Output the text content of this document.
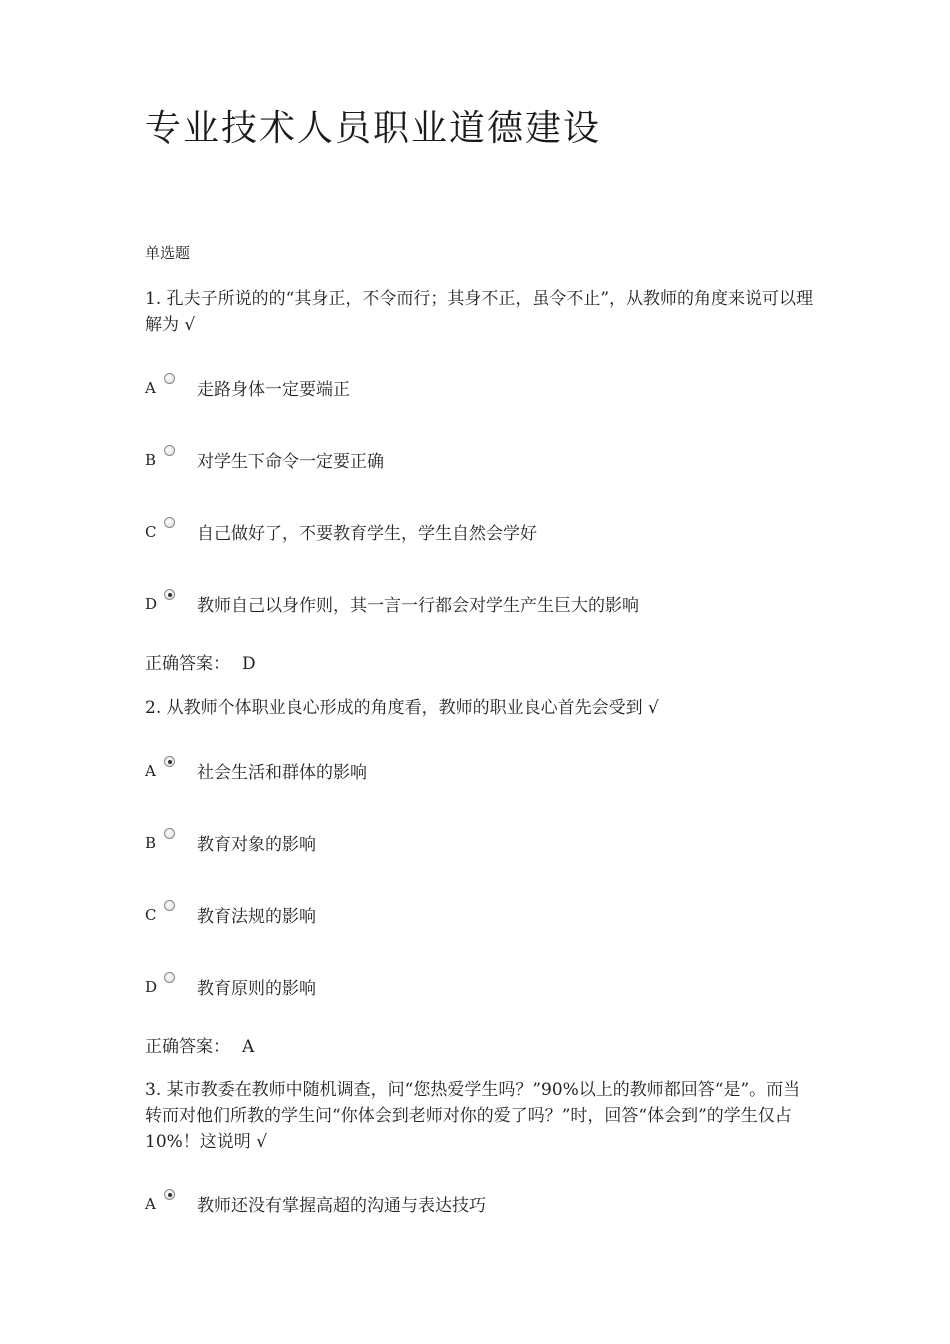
专业技术人员职业道德建设
单选题
1. 孔夫子所说的的“其身正，不令而行；其身不正，虽令不止”，从教师的角度来说可以理解为 √
A 走路身体一定要端正
B 对学生下命令一定要正确
C 自己做好了，不要教育学生，学生自然会学好
D 教师自己以身作则，其一言一行都会对学生产生巨大的影响
正确答案： D
2. 从教师个体职业良心形成的角度看，教师的职业良心首先会受到 √
A 社会生活和群体的影响
B 教育对象的影响
C 教育法规的影响
D 教育原则的影响
正确答案： A
3. 某市教委在教师中随机调查，问“您热爱学生吗？”90%以上的教师都回答“是”。而当转而对他们所教的学生问“你体会到老师对你的爱了吗？”时，回答“体会到”的学生仅占10%！这说明 √
A 教师还没有掌握高超的沟通与表达技巧
